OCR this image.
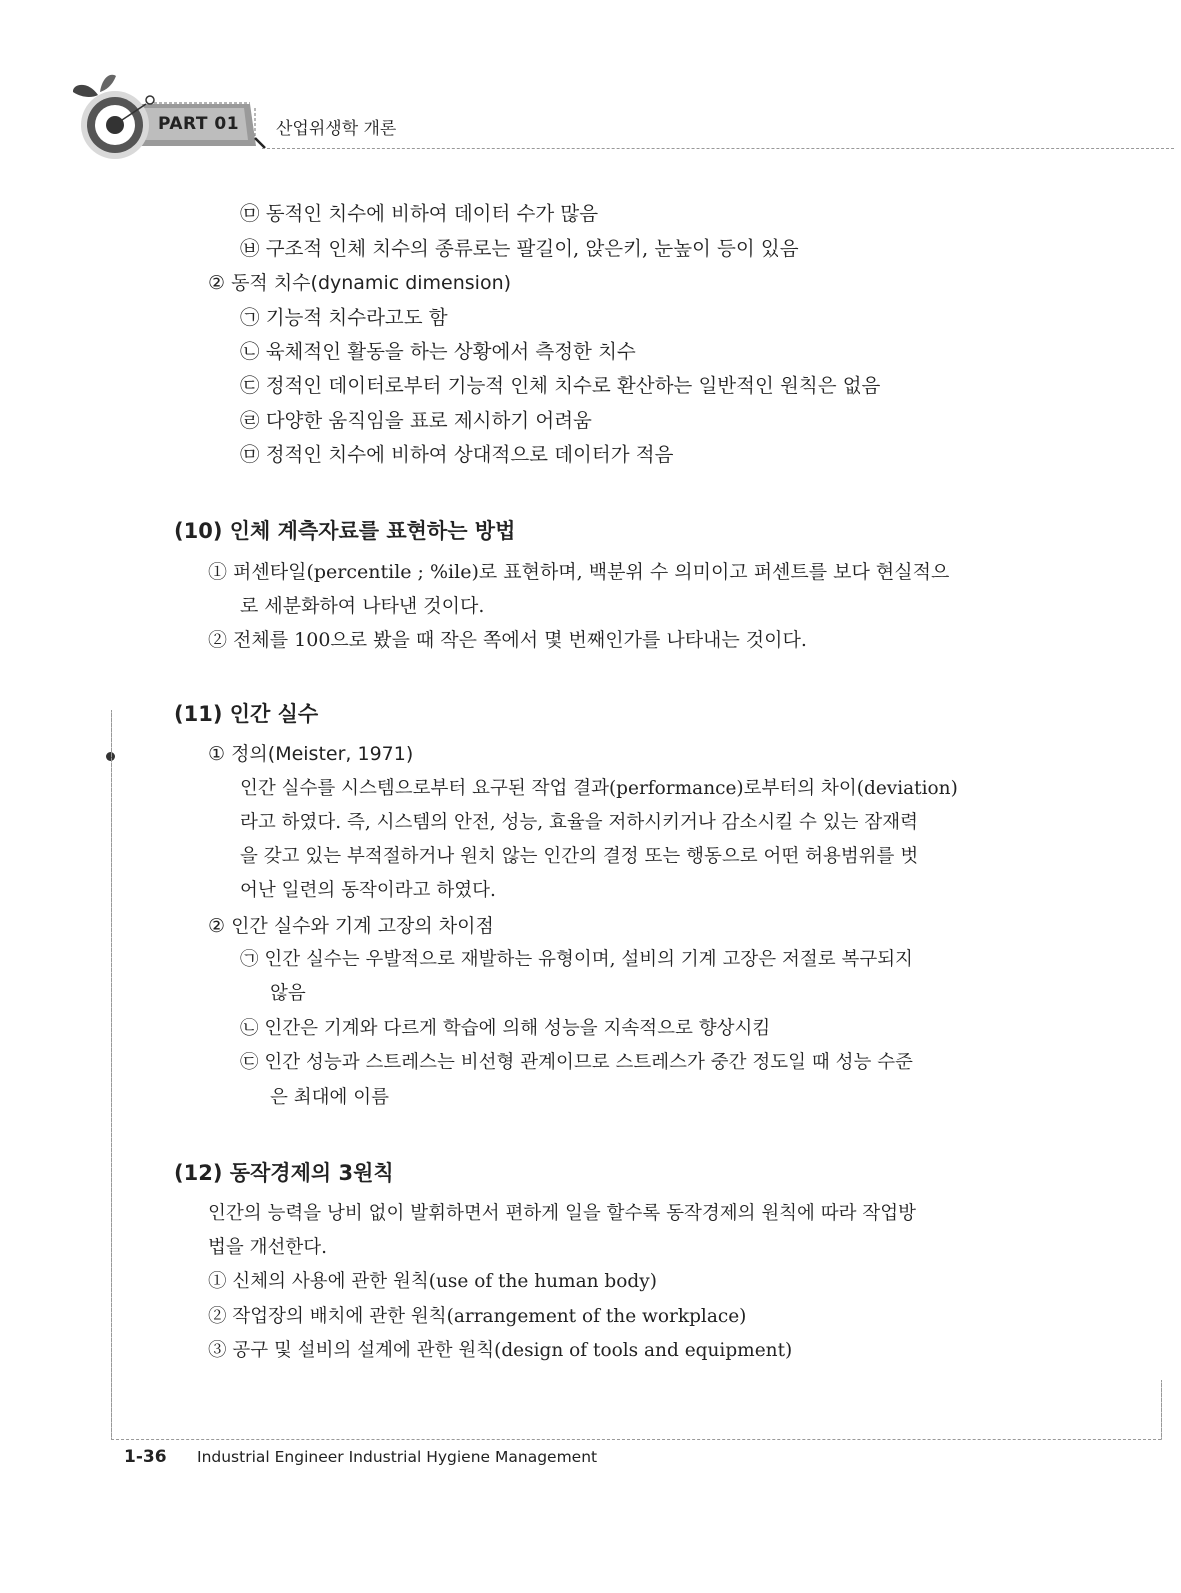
PART 01 산업위생학 개론
㉤ 동적인 치수에 비하여 데이터 수가 많음
㉥ 구조적 인체 치수의 종류로는 팔길이, 앉은키, 눈높이 등이 있음
② 동적 치수(dynamic dimension)
㉠ 기능적 치수라고도 함
㉡ 육체적인 활동을 하는 상황에서 측정한 치수
㉢ 정적인 데이터로부터 기능적 인체 치수로 환산하는 일반적인 원칙은 없음
㉣ 다양한 움직임을 표로 제시하기 어려움
㉤ 정적인 치수에 비하여 상대적으로 데이터가 적음
(10) 인체 계측자료를 표현하는 방법
① 퍼센타일(percentile ; %ile)로 표현하며, 백분위 수 의미이고 퍼센트를 보다 현실적으
로 세분화하여 나타낸 것이다.
② 전체를 100으로 봤을 때 작은 쪽에서 몇 번째인가를 나타내는 것이다.
(11) 인간 실수
① 정의(Meister, 1971)
인간 실수를 시스템으로부터 요구된 작업 결과(performance)로부터의 차이(deviation)
라고 하였다. 즉, 시스템의 안전, 성능, 효율을 저하시키거나 감소시킬 수 있는 잠재력
을 갖고 있는 부적절하거나 원치 않는 인간의 결정 또는 행동으로 어떤 허용범위를 벗
어난 일련의 동작이라고 하였다.
② 인간 실수와 기계 고장의 차이점
㉠ 인간 실수는 우발적으로 재발하는 유형이며, 설비의 기계 고장은 저절로 복구되지
않음
㉡ 인간은 기계와 다르게 학습에 의해 성능을 지속적으로 향상시킴
㉢ 인간 성능과 스트레스는 비선형 관계이므로 스트레스가 중간 정도일 때 성능 수준
은 최대에 이름
(12) 동작경제의 3원칙
인간의 능력을 낭비 없이 발휘하면서 편하게 일을 할수록 동작경제의 원칙에 따라 작업방
법을 개선한다.
① 신체의 사용에 관한 원칙(use of the human body)
② 작업장의 배치에 관한 원칙(arrangement of the workplace)
③ 공구 및 설비의 설계에 관한 원칙(design of tools and equipment)
1-36 Industrial Engineer Industrial Hygiene Management
